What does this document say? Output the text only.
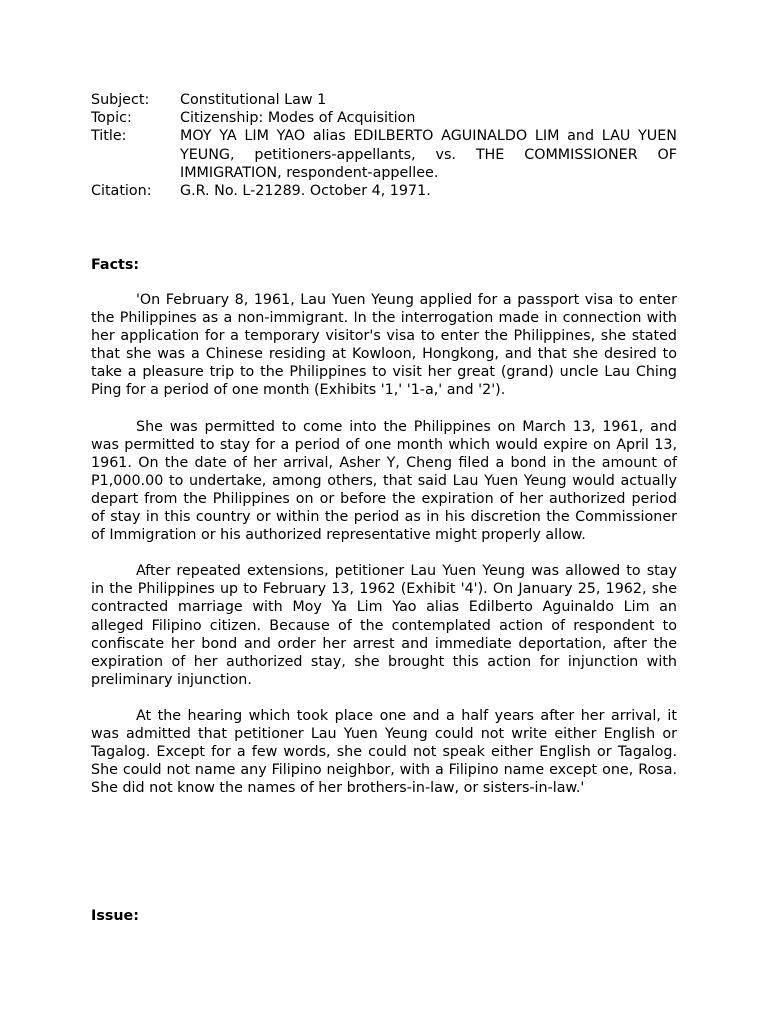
Subject:	Constitutional Law 1

Topic:	Citizenship: Modes of Acquisition

Title:	MOY YA LIM YAO alias EDILBERTO AGUINALDO LIM and LAU YUEN YEUNG, petitioners-appellants, vs. THE COMMISSIONER OF IMMIGRATION, respondent-appellee.

Citation:	G.R. No. L-21289. October 4, 1971.

Facts:

'On February 8, 1961, Lau Yuen Yeung applied for a passport visa to enter the Philippines as a non-immigrant. In the interrogation made in connection with her application for a temporary visitor's visa to enter the Philippines, she stated that she was a Chinese residing at Kowloon, Hongkong, and that she desired to take a pleasure trip to the Philippines to visit her great (grand) uncle Lau Ching Ping for a period of one month (Exhibits '1,' '1-a,' and '2').

She was permitted to come into the Philippines on March 13, 1961, and was permitted to stay for a period of one month which would expire on April 13, 1961. On the date of her arrival, Asher Y, Cheng filed a bond in the amount of P1,000.00 to undertake, among others, that said Lau Yuen Yeung would actually depart from the Philippines on or before the expiration of her authorized period of stay in this country or within the period as in his discretion the Commissioner of Immigration or his authorized representative might properly allow.

After repeated extensions, petitioner Lau Yuen Yeung was allowed to stay in the Philippines up to February 13, 1962 (Exhibit '4'). On January 25, 1962, she contracted marriage with Moy Ya Lim Yao alias Edilberto Aguinaldo Lim an alleged Filipino citizen. Because of the contemplated action of respondent to confiscate her bond and order her arrest and immediate deportation, after the expiration of her authorized stay, she brought this action for injunction with preliminary injunction.

At the hearing which took place one and a half years after her arrival, it was admitted that petitioner Lau Yuen Yeung could not write either English or Tagalog. Except for a few words, she could not speak either English or Tagalog. She could not name any Filipino neighbor, with a Filipino name except one, Rosa. She did not know the names of her brothers-in-law, or sisters-in-law.'

Issue:
